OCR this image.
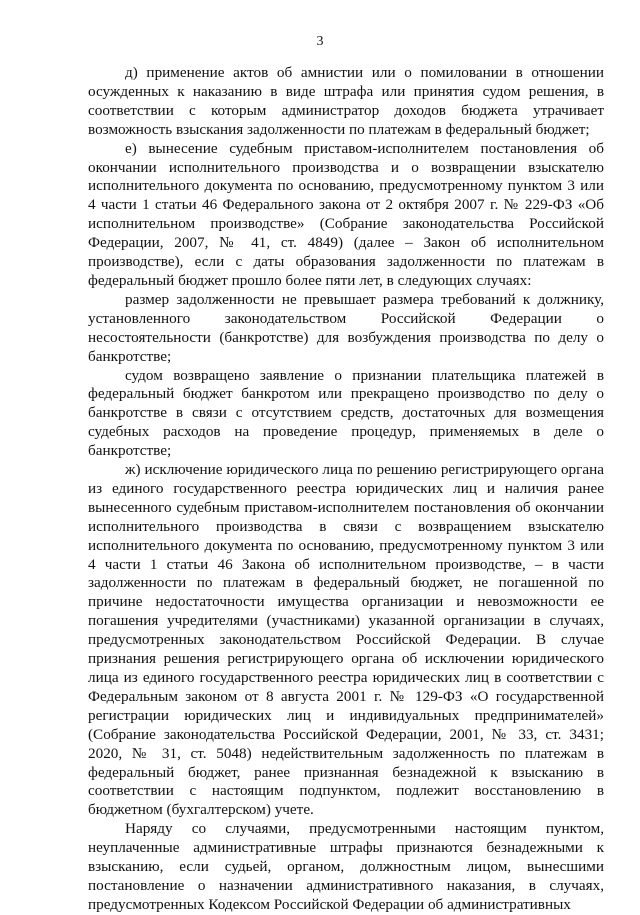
3

д) применение актов об амнистии или о помиловании в отношении осужденных к наказанию в виде штрафа или принятия судом решения, в соответствии с которым администратор доходов бюджета утрачивает возможность взыскания задолженности по платежам в федеральный бюджет;

е) вынесение судебным приставом-исполнителем постановления об окончании исполнительного производства и о возвращении взыскателю исполнительного документа по основанию, предусмотренному пунктом 3 или 4 части 1 статьи 46 Федерального закона от 2 октября 2007 г. № 229-ФЗ «Об исполнительном производстве» (Собрание законодательства Российской Федерации, 2007, № 41, ст. 4849) (далее – Закон об исполнительном производстве), если с даты образования задолженности по платежам в федеральный бюджет прошло более пяти лет, в следующих случаях:

размер задолженности не превышает размера требований к должнику, установленного законодательством Российской Федерации о несостоятельности (банкротстве) для возбуждения производства по делу о банкротстве;

судом возвращено заявление о признании плательщика платежей в федеральный бюджет банкротом или прекращено производство по делу о банкротстве в связи с отсутствием средств, достаточных для возмещения судебных расходов на проведение процедур, применяемых в деле о банкротстве;

ж) исключение юридического лица по решению регистрирующего органа из единого государственного реестра юридических лиц и наличия ранее вынесенного судебным приставом-исполнителем постановления об окончании исполнительного производства в связи с возвращением взыскателю исполнительного документа по основанию, предусмотренному пунктом 3 или 4 части 1 статьи 46 Закона об исполнительном производстве, – в части задолженности по платежам в федеральный бюджет, не погашенной по причине недостаточности имущества организации и невозможности ее погашения учредителями (участниками) указанной организации в случаях, предусмотренных законодательством Российской Федерации. В случае признания решения регистрирующего органа об исключении юридического лица из единого государственного реестра юридических лиц в соответствии с Федеральным законом от 8 августа 2001 г. № 129-ФЗ «О государственной регистрации юридических лиц и индивидуальных предпринимателей» (Собрание законодательства Российской Федерации, 2001, № 33, ст. 3431; 2020, № 31, ст. 5048) недействительным задолженность по платежам в федеральный бюджет, ранее признанная безнадежной к взысканию в соответствии с настоящим подпунктом, подлежит восстановлению в бюджетном (бухгалтерском) учете.

Наряду со случаями, предусмотренными настоящим пунктом, неуплаченные административные штрафы признаются безнадежными к взысканию, если судьей, органом, должностным лицом, вынесшими постановление о назначении административного наказания, в случаях, предусмотренных Кодексом Российской Федерации об административных
